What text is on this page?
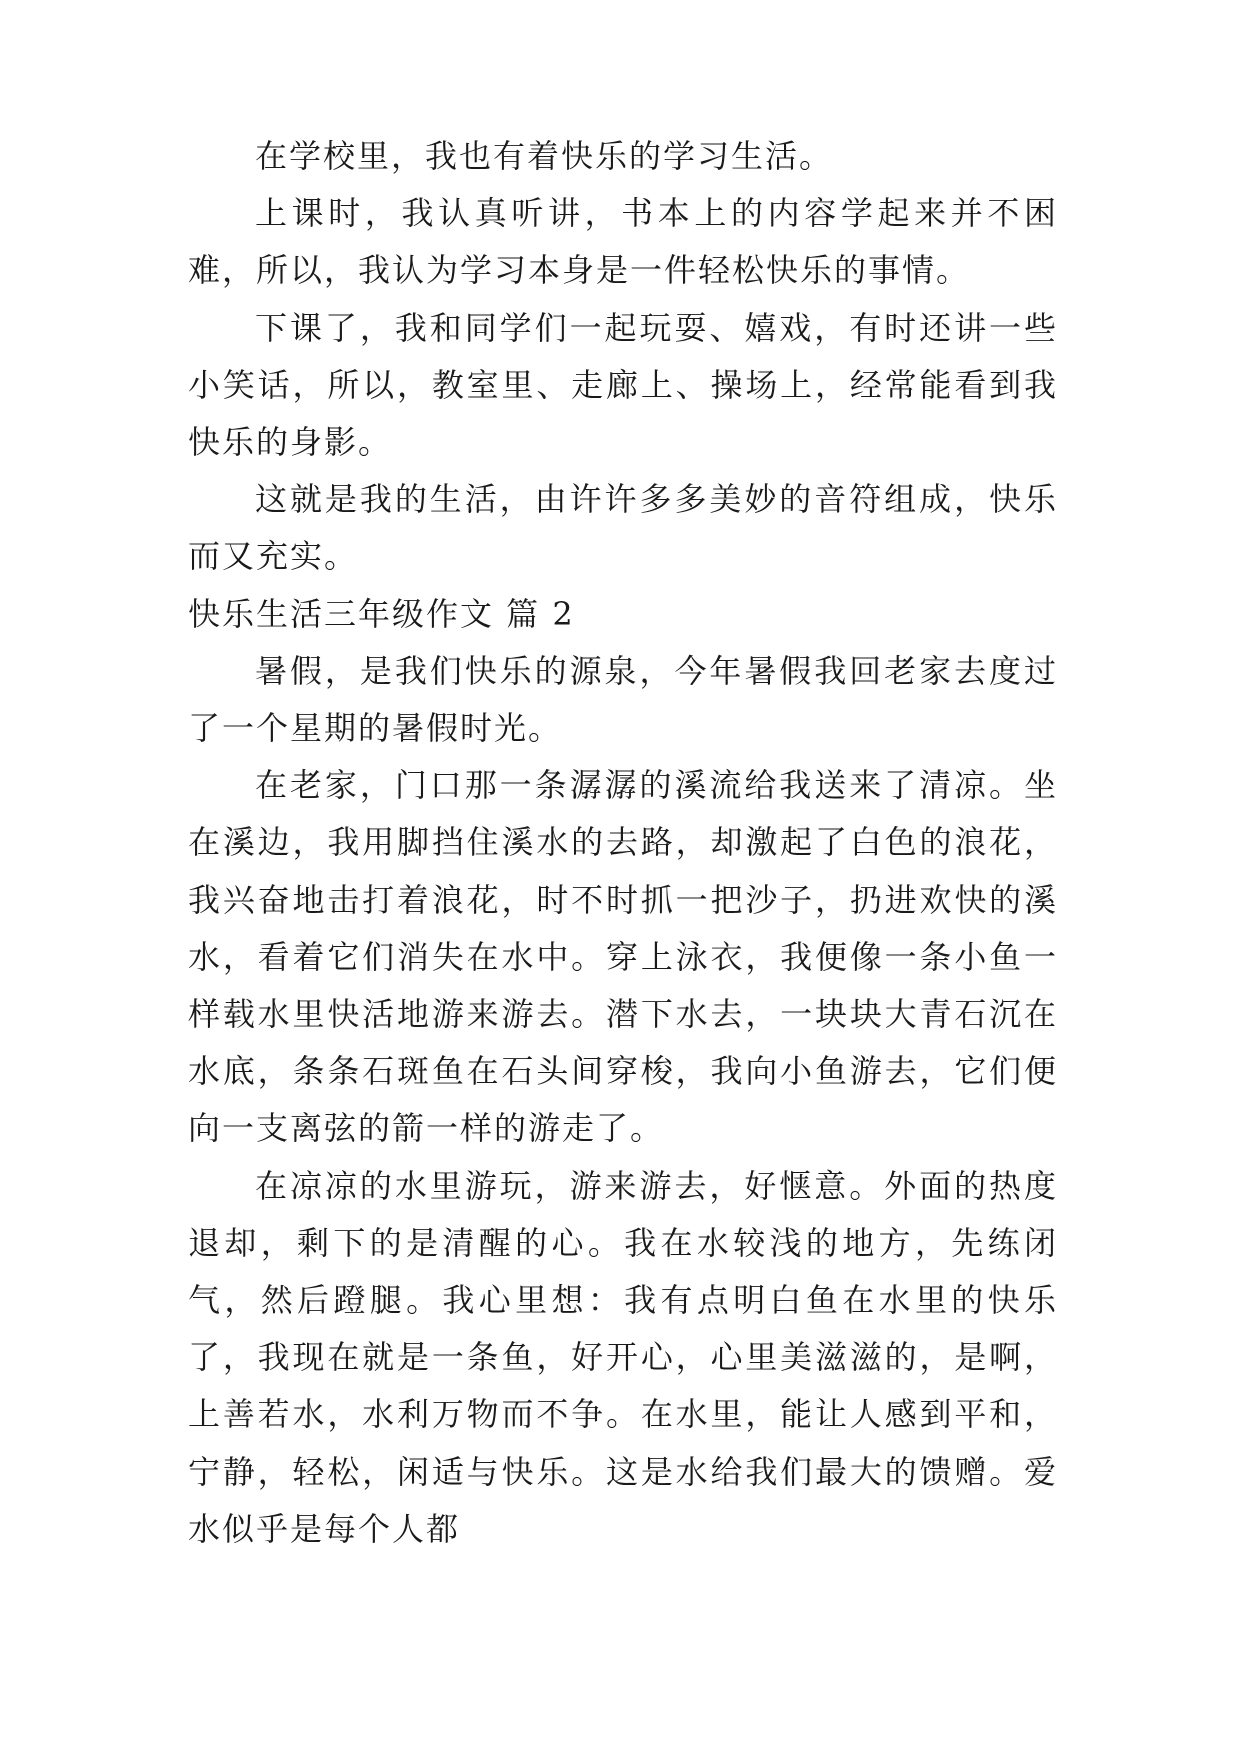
在学校里，我也有着快乐的学习生活。

上课时，我认真听讲，书本上的内容学起来并不困难，所以，我认为学习本身是一件轻松快乐的事情。

下课了，我和同学们一起玩耍、嬉戏，有时还讲一些小笑话，所以，教室里、走廊上、操场上，经常能看到我快乐的身影。

这就是我的生活，由许许多多美妙的音符组成，快乐而又充实。

快乐生活三年级作文 篇 2

暑假，是我们快乐的源泉，今年暑假我回老家去度过了一个星期的暑假时光。

在老家，门口那一条潺潺的溪流给我送来了清凉。坐在溪边，我用脚挡住溪水的去路，却激起了白色的浪花，我兴奋地击打着浪花，时不时抓一把沙子，扔进欢快的溪水，看着它们消失在水中。穿上泳衣，我便像一条小鱼一样载水里快活地游来游去。潜下水去，一块块大青石沉在水底，条条石斑鱼在石头间穿梭，我向小鱼游去，它们便向一支离弦的箭一样的游走了。

在凉凉的水里游玩，游来游去，好惬意。外面的热度退却，剩下的是清醒的心。我在水较浅的地方，先练闭气，然后蹬腿。我心里想：我有点明白鱼在水里的快乐了，我现在就是一条鱼，好开心，心里美滋滋的，是啊，上善若水，水利万物而不争。在水里，能让人感到平和，宁静，轻松，闲适与快乐。这是水给我们最大的馈赠。爱水似乎是每个人都
